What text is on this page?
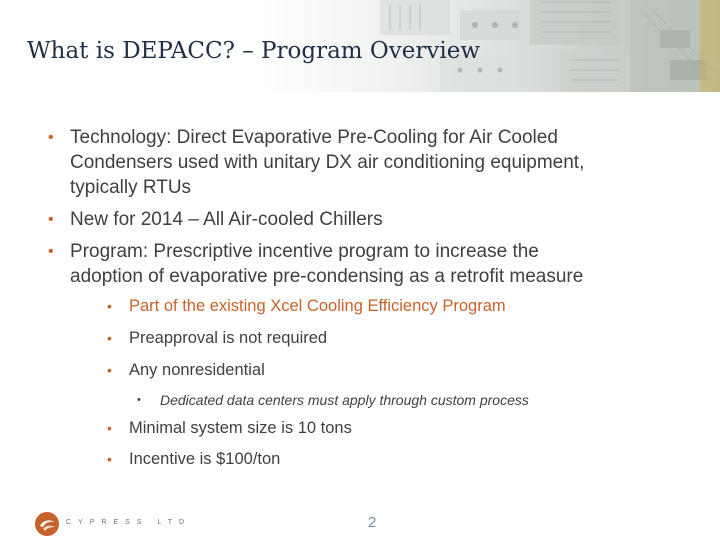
What is DEPACC? – Program Overview
• Technology: Direct Evaporative Pre-Cooling for Air Cooled
Condensers used with unitary DX air conditioning equipment,
typically RTUs
• New for 2014 – All Air-cooled Chillers
• Program: Prescriptive incentive program to increase the
adoption of evaporative pre-condensing as a retrofit measure
• Part of the existing Xcel Cooling Efficiency Program
• Preapproval is not required
• Any nonresidential
• Dedicated data centers must apply through custom process
• Minimal system size is 10 tons
• Incentive is $100/ton
CYPRESS LTD	2
